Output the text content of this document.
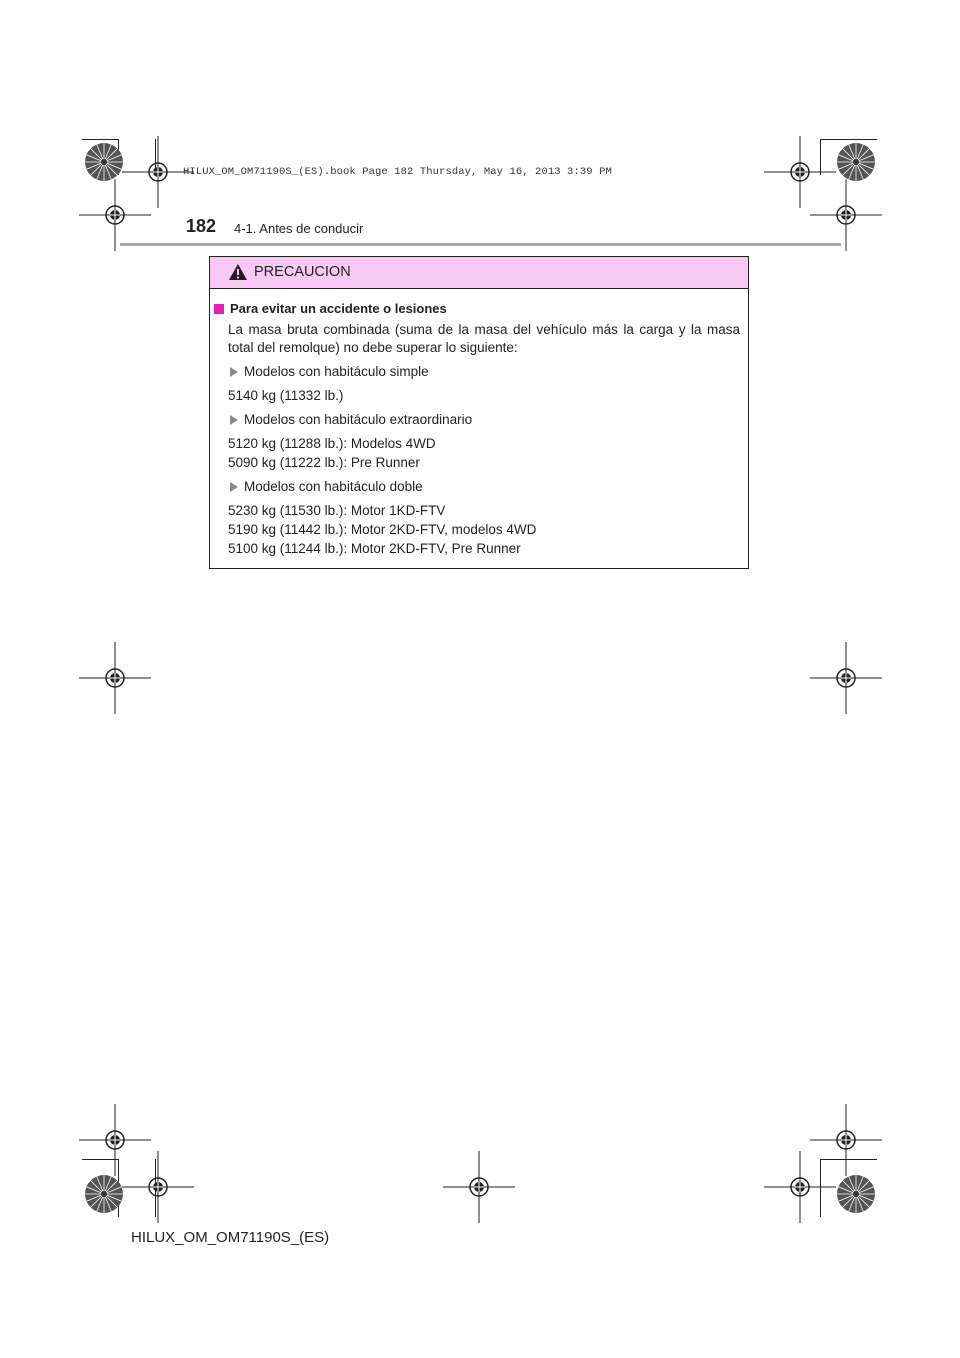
HILUX_OM_OM71190S_(ES).book Page 182 Thursday, May 16, 2013 3:39 PM
182 4-1. Antes de conducir
PRECAUCION
Para evitar un accidente o lesiones
La masa bruta combinada (suma de la masa del vehículo más la carga y la masa total del remolque) no debe superar lo siguiente:
Modelos con habitáculo simple
5140 kg (11332 lb.)
Modelos con habitáculo extraordinario
5120 kg (11288 lb.): Modelos 4WD
5090 kg (11222 lb.): Pre Runner
Modelos con habitáculo doble
5230 kg (11530 lb.): Motor 1KD-FTV
5190 kg (11442 lb.): Motor 2KD-FTV, modelos 4WD
5100 kg (11244 lb.): Motor 2KD-FTV, Pre Runner
HILUX_OM_OM71190S_(ES)
